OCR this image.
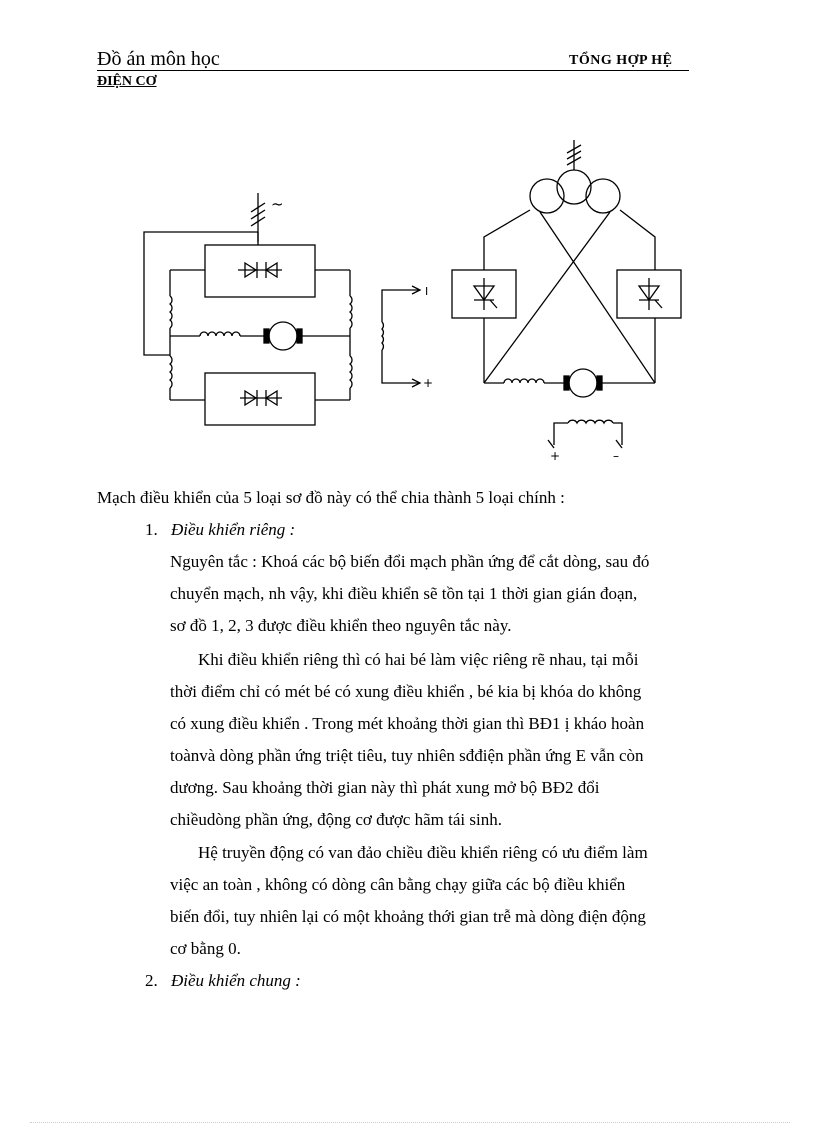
Đồ án môn học	TỔNG HỢP HỆ
ĐIỆN CƠ
~
I
+
+	–
Mạch điều khiển của 5 loại sơ đồ này có thể chia thành 5 loại chính :
1. Điều khiển riêng :
Nguyên tắc : Khoá các bộ biến đổi mạch phần ứng để cắt dòng, sau đó
chuyển mạch, nh vậy, khi điều khiển sẽ tồn tại 1 thời gian gián đoạn,
sơ đồ 1, 2, 3 được điều khiển theo nguyên tắc này.
Khi điều khiển riêng thì có hai bé làm việc riêng rẽ nhau, tại mỗi
thời điểm chỉ có mét bé có xung điều khiển , bé kia bị khóa do không
có xung điều khiển . Trong mét khoảng thời gian thì BĐ1 ị kháo hoàn
toànvà dòng phần ứng triệt tiêu, tuy nhiên sđđiện phần ứng E vẫn còn
dương. Sau khoảng thời gian này thì phát xung mở bộ BĐ2 đổi
chiềudòng phần ứng, động cơ được hãm tái sinh.
Hệ truyền động có van đảo chiều điều khiển riêng có ưu điểm làm
việc an toàn , không có dòng cân bằng chạy giữa các bộ điều khiển
biến đổi, tuy nhiên lại có một khoảng thới gian trễ mà dòng điện động
cơ bằng 0.
2. Điều khiển chung :
